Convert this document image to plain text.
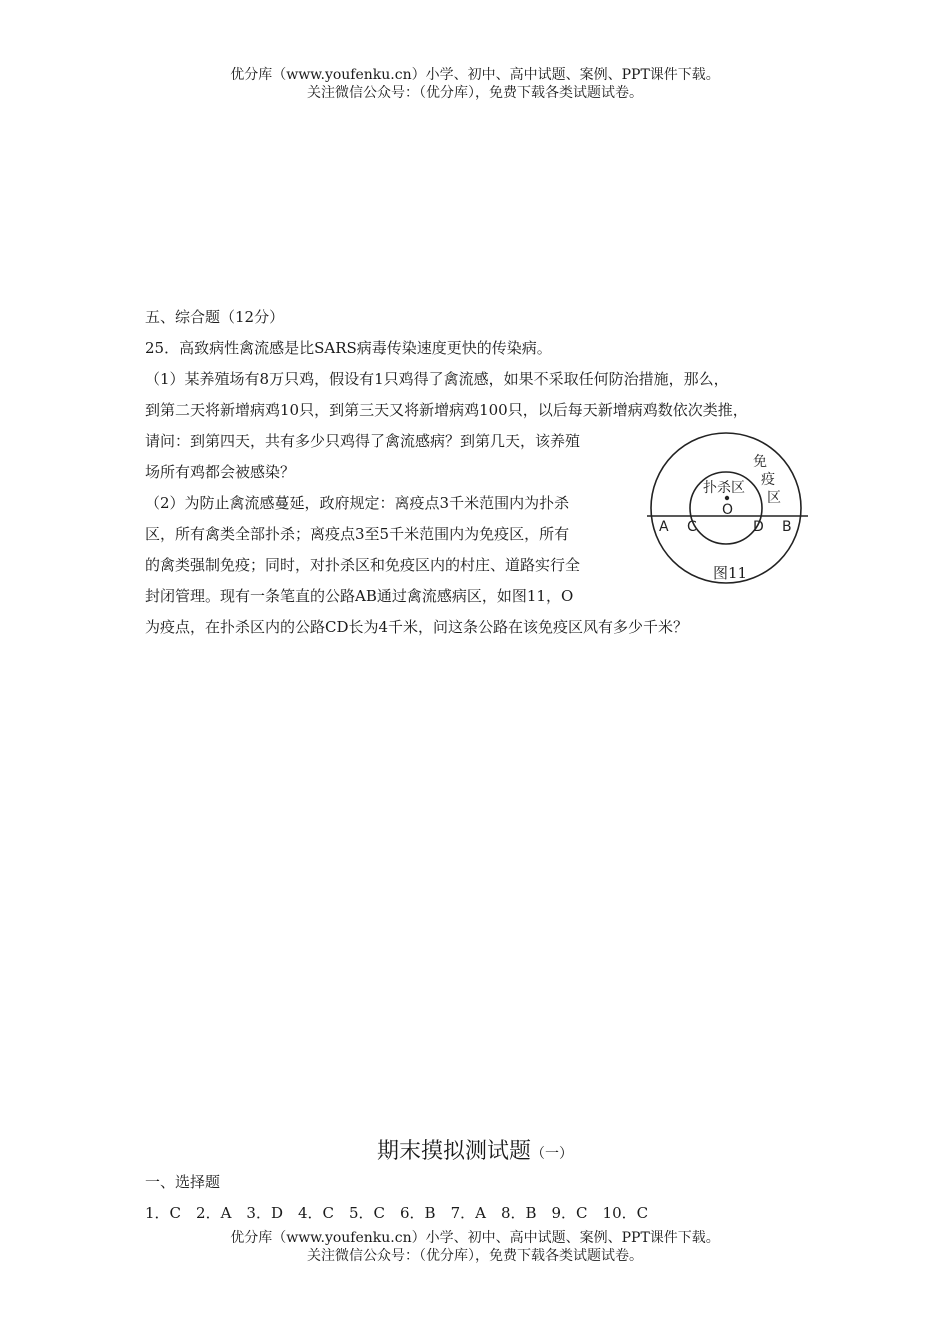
优分库（www.youfenku.cn）小学、初中、高中试题、案例、PPT课件下载。
关注微信公众号：（优分库），免费下载各类试题试卷。
五、综合题（12分）
25．高致病性禽流感是比SARS病毒传染速度更快的传染病。
（1）某养殖场有8万只鸡，假设有1只鸡得了禽流感，如果不采取任何防治措施，那么，
到第二天将新增病鸡10只，到第三天又将新增病鸡100只，以后每天新增病鸡数依次类推，
请问：到第四天，共有多少只鸡得了禽流感病？到第几天，该养殖
场所有鸡都会被感染？
（2）为防止禽流感蔓延，政府规定：离疫点3千米范围内为扑杀
区，所有禽类全部扑杀；离疫点3至5千米范围内为免疫区，所有
的禽类强制免疫；同时，对扑杀区和免疫区内的村庄、道路实行全
封闭管理。现有一条笔直的公路AB通过禽流感病区，如图11，O
为疫点，在扑杀区内的公路CD长为4千米，问这条公路在该免疫区风有多少千米？
扑杀区
免
疫
区
A C
O
D B
图11
期末摸拟测试题（一）
一、选择题
1．C　2．A　3．D　4．C　5．C　6．B　7．A　8．B　9．C　10．C
优分库（www.youfenku.cn）小学、初中、高中试题、案例、PPT课件下载。
关注微信公众号：（优分库），免费下载各类试题试卷。
